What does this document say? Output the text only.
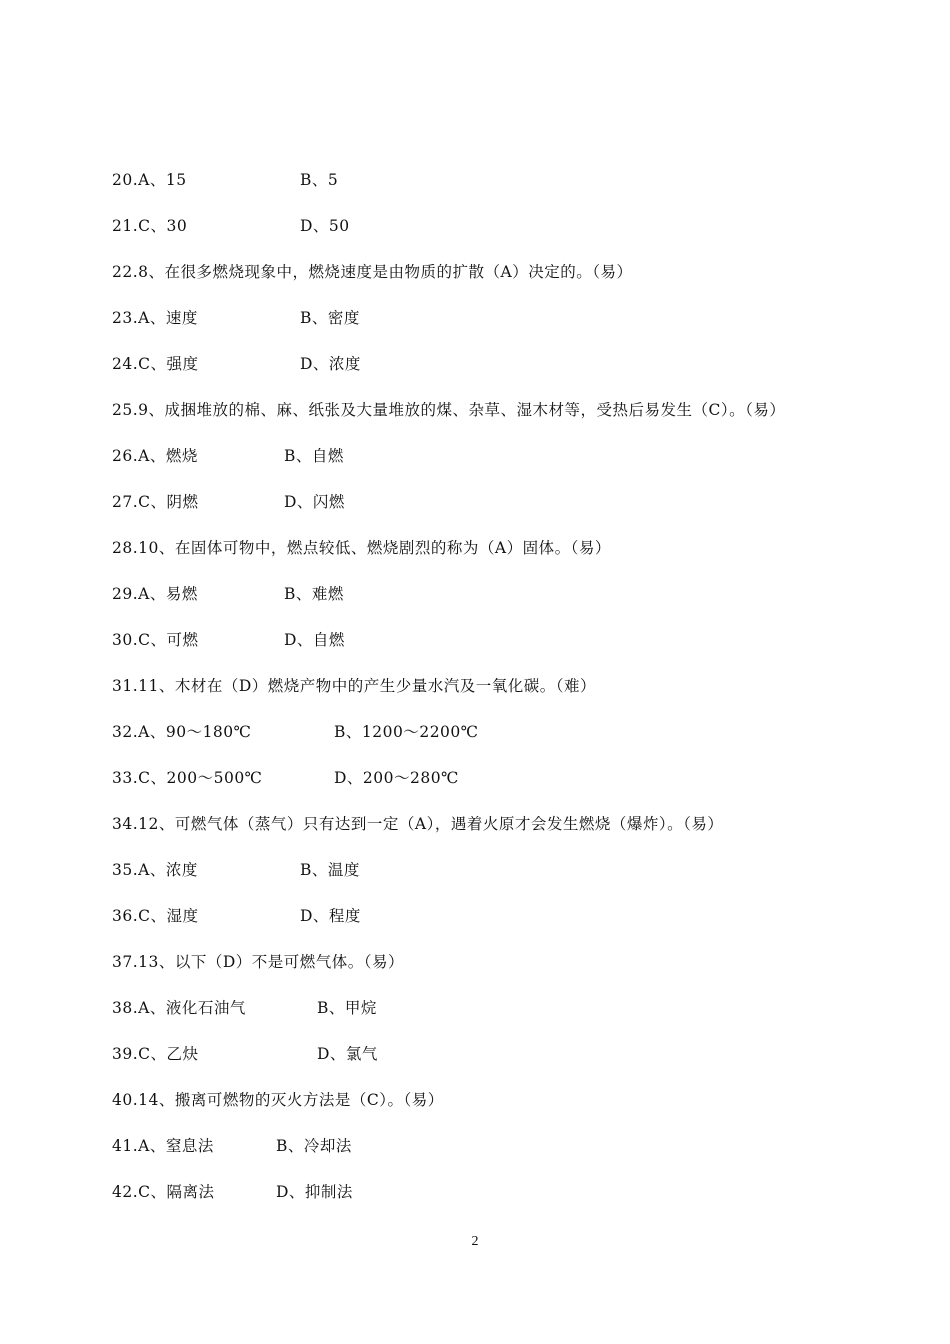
20.A、15	B、5
21.C、30	D、50
22.8、在很多燃烧现象中，燃烧速度是由物质的扩散（A）决定的。（易）
23.A、速度	B、密度
24.C、强度	D、浓度
25.9、成捆堆放的棉、麻、纸张及大量堆放的煤、杂草、湿木材等，受热后易发生（C）。（易）
26.A、燃烧	B、自燃
27.C、阴燃	D、闪燃
28.10、在固体可物中，燃点较低、燃烧剧烈的称为（A）固体。（易）
29.A、易燃	B、难燃
30.C、可燃	D、自燃
31.11、木材在（D）燃烧产物中的产生少量水汽及一氧化碳。（难）
32.A、90～180℃	B、1200～2200℃
33.C、200～500℃	D、200～280℃
34.12、可燃气体（蒸气）只有达到一定（A），遇着火原才会发生燃烧（爆炸）。（易）
35.A、浓度	B、温度
36.C、湿度	D、程度
37.13、以下（D）不是可燃气体。（易）
38.A、液化石油气	B、甲烷
39.C、乙炔	D、氯气
40.14、搬离可燃物的灭火方法是（C）。（易）
41.A、窒息法	B、冷却法
42.C、隔离法	D、抑制法
2
